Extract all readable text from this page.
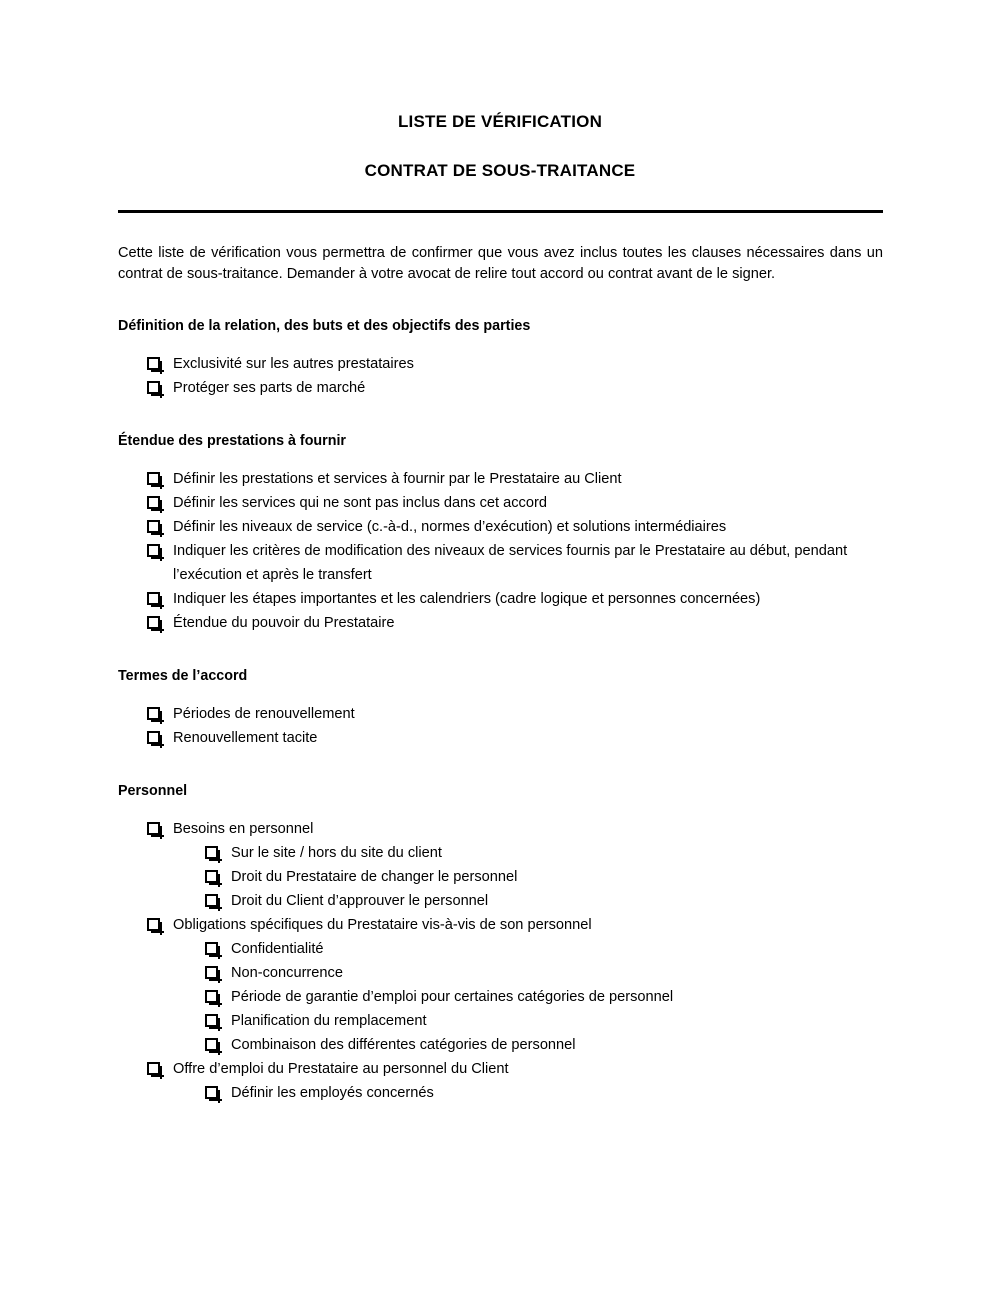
LISTE DE VÉRIFICATION
CONTRAT DE SOUS-TRAITANCE

Cette liste de vérification vous permettra de confirmer que vous avez inclus toutes les clauses nécessaires dans un contrat de sous-traitance. Demander à votre avocat de relire tout accord ou contrat avant de le signer.

Définition de la relation, des buts et des objectifs des parties
Exclusivité sur les autres prestataires
Protéger ses parts de marché
Étendue des prestations à fournir
Définir les prestations et services à fournir par le Prestataire au Client
Définir les services qui ne sont pas inclus dans cet accord
Définir les niveaux de service (c.-à-d., normes d’exécution) et solutions intermédiaires
Indiquer les critères de modification des niveaux de services fournis par le Prestataire au début, pendant l’exécution et après le transfert
Indiquer les étapes importantes et les calendriers (cadre logique et personnes concernées)
Étendue du pouvoir du Prestataire
Termes de l’accord
Périodes de renouvellement
Renouvellement tacite
Personnel
Besoins en personnel
Sur le site / hors du site du client
Droit du Prestataire de changer le personnel
Droit du Client d’approuver le personnel
Obligations spécifiques du Prestataire vis-à-vis de son personnel
Confidentialité
Non-concurrence
Période de garantie d’emploi pour certaines catégories de personnel
Planification du remplacement
Combinaison des différentes catégories de personnel
Offre d’emploi du Prestataire au personnel du Client
Définir les employés concernés
